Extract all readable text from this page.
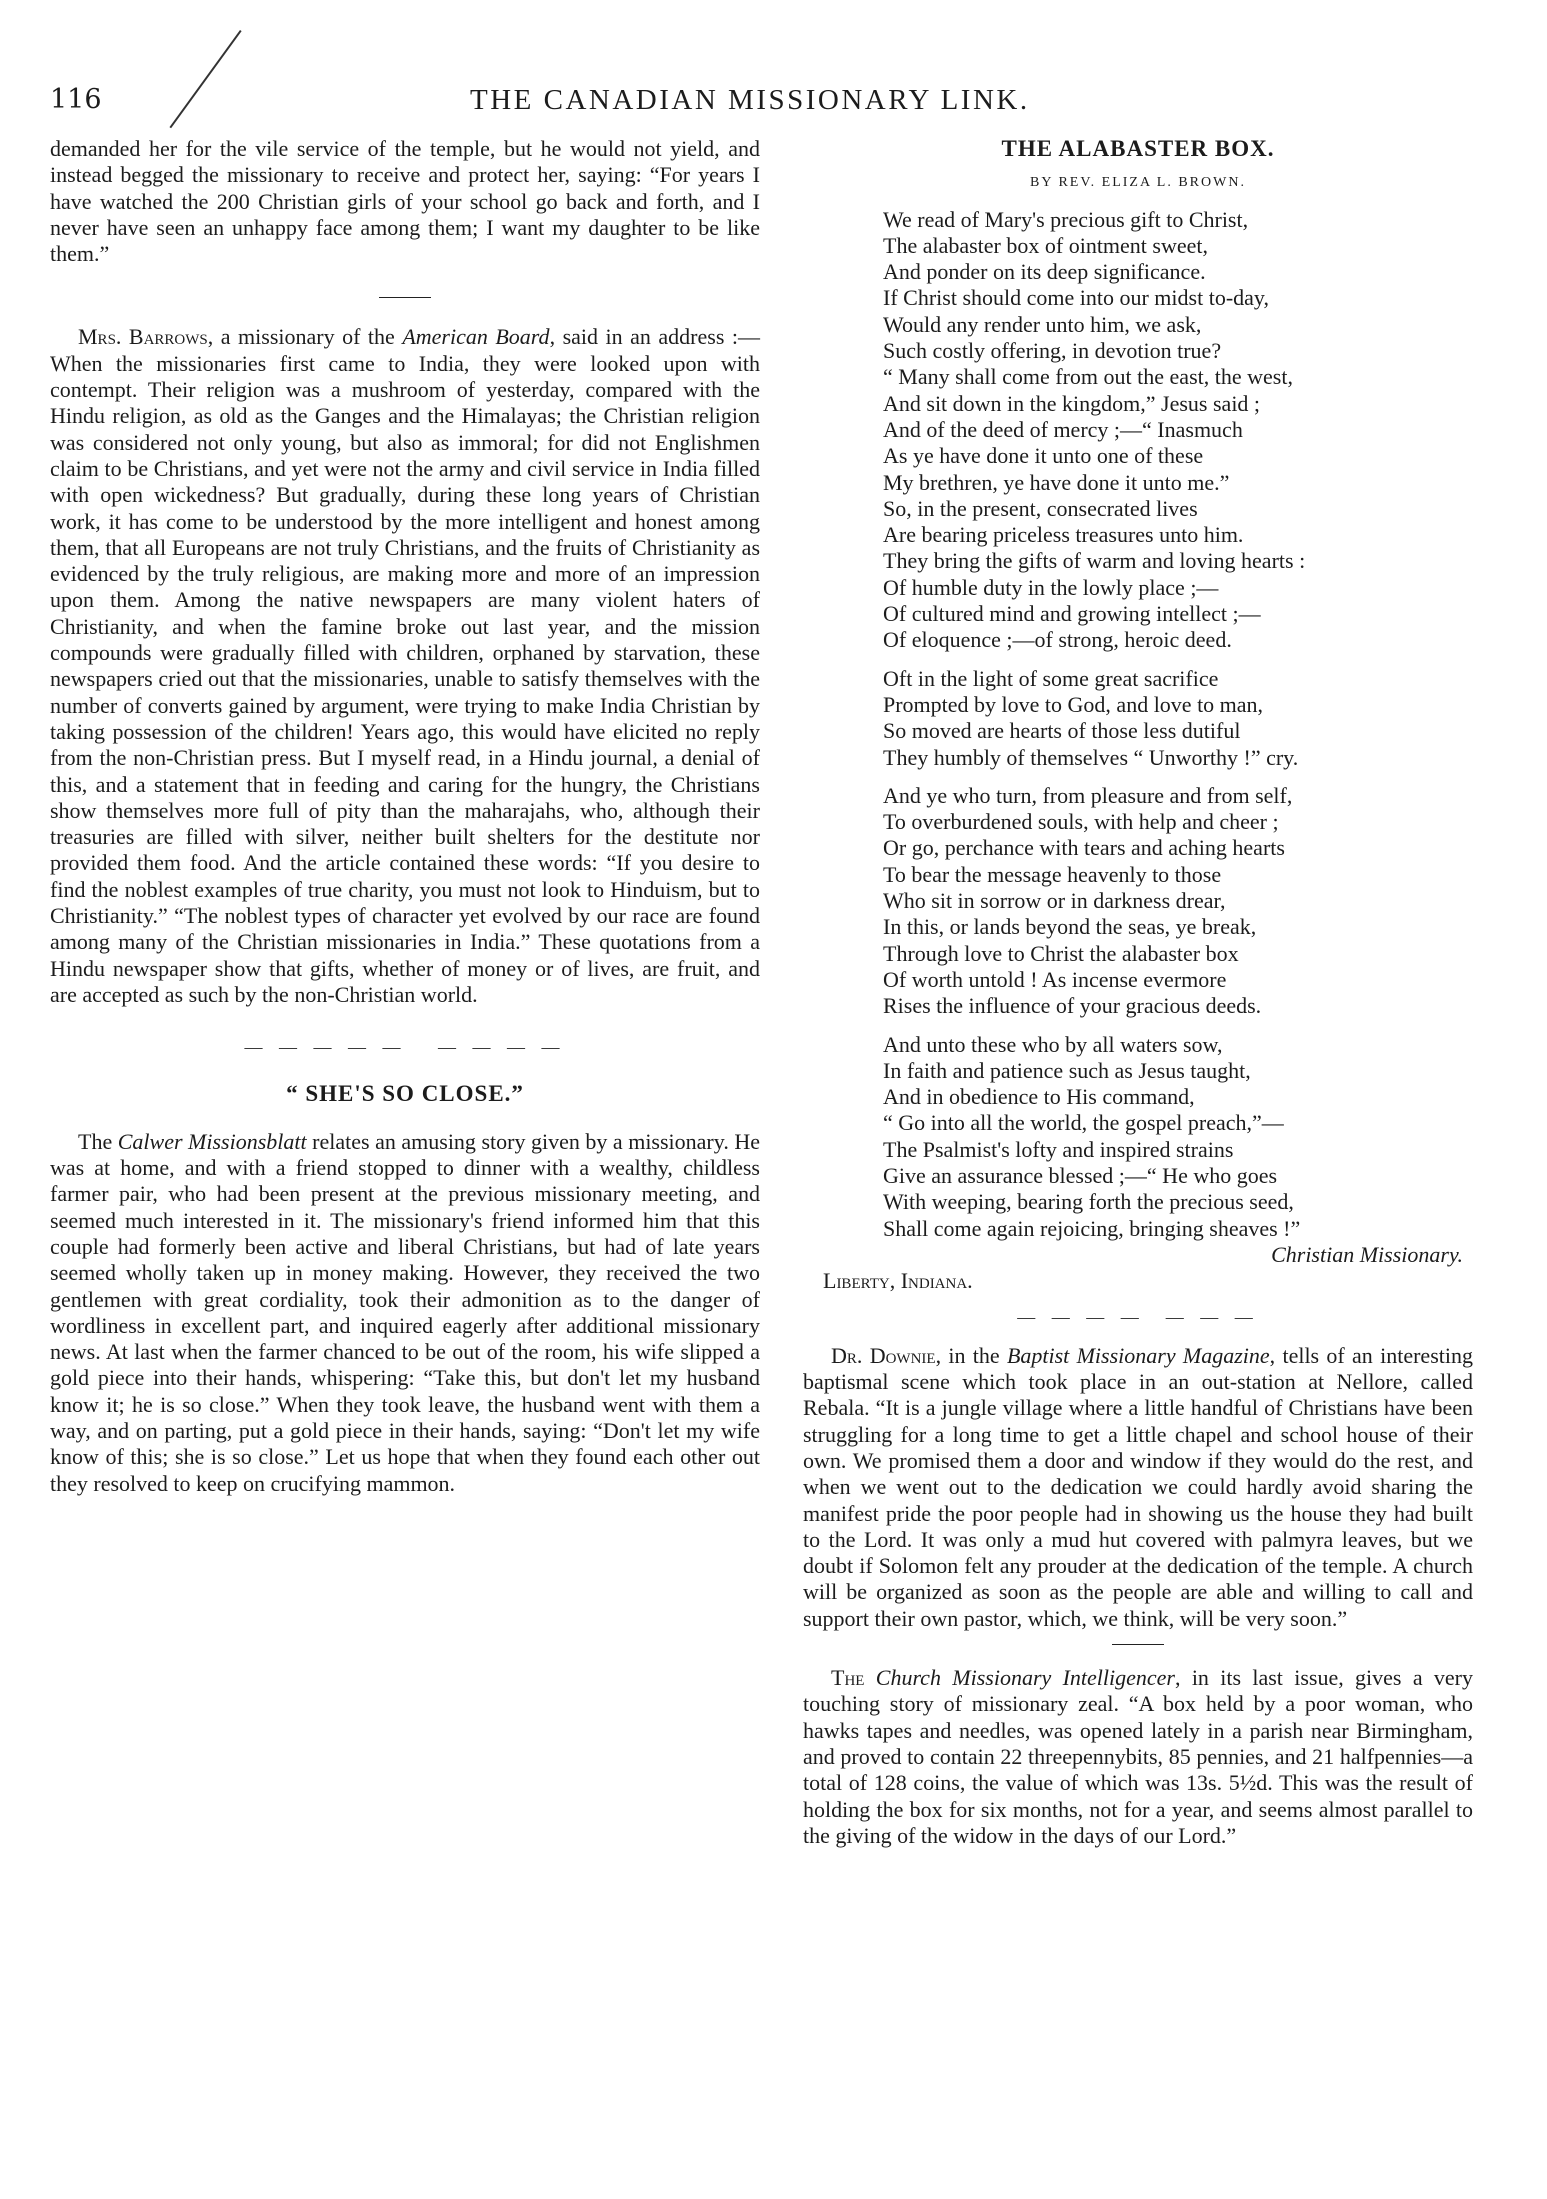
116	THE CANADIAN MISSIONARY LINK.

demanded her for the vile service of the temple, but he would not yield, and instead begged the missionary to receive and protect her, saying: “For years I have watched the 200 Christian girls of your school go back and forth, and I never have seen an unhappy face among them; I want my daughter to be like them.”

Mrs. Barrows, a missionary of the American Board, said in an address :—When the missionaries first came to India, they were looked upon with contempt. Their religion was a mushroom of yesterday, compared with the Hindu religion, as old as the Ganges and the Himalayas; the Christian religion was considered not only young, but also as immoral; for did not Englishmen claim to be Christians, and yet were not the army and civil service in India filled with open wickedness? But gradually, during these long years of Christian work, it has come to be understood by the more intelligent and honest among them, that all Europeans are not truly Christians, and the fruits of Christianity as evidenced by the truly religious, are making more and more of an impression upon them. Among the native newspapers are many violent haters of Christianity, and when the famine broke out last year, and the mission compounds were gradually filled with children, orphaned by starvation, these newspapers cried out that the missionaries, unable to satisfy themselves with the number of converts gained by argument, were trying to make India Christian by taking possession of the children! Years ago, this would have elicited no reply from the non-Christian press. But I myself read, in a Hindu journal, a denial of this, and a statement that in feeding and caring for the hungry, the Christians show themselves more full of pity than the maharajahs, who, although their treasuries are filled with silver, neither built shelters for the destitute nor provided them food. And the article contained these words: “If you desire to find the noblest examples of true charity, you must not look to Hinduism, but to Christianity.” “The noblest types of character yet evolved by our race are found among many of the Christian missionaries in India.” These quotations from a Hindu newspaper show that gifts, whether of money or of lives, are fruit, and are accepted as such by the non-Christian world.

— — — — —   — — — —
“ SHE'S SO CLOSE.”

The Calwer Missionsblatt relates an amusing story given by a missionary. He was at home, and with a friend stopped to dinner with a wealthy, childless farmer pair, who had been present at the previous missionary meeting, and seemed much interested in it. The missionary's friend informed him that this couple had formerly been active and liberal Christians, but had of late years seemed wholly taken up in money making. However, they received the two gentlemen with great cordiality, took their admonition as to the danger of wordliness in excellent part, and inquired eagerly after additional missionary news. At last when the farmer chanced to be out of the room, his wife slipped a gold piece into their hands, whispering: “Take this, but don't let my husband know it; he is so close.” When they took leave, the husband went with them a way, and on parting, put a gold piece in their hands, saying: “Don't let my wife know of this; she is so close.” Let us hope that when they found each other out they resolved to keep on crucifying mammon.

THE ALABASTER BOX.
BY REV. ELIZA L. BROWN.
We read of Mary's precious gift to Christ,
The alabaster box of ointment sweet,
And ponder on its deep significance.
If Christ should come into our midst to-day,
Would any render unto him, we ask,
Such costly offering, in devotion true?
“ Many shall come from out the east, the west,
And sit down in the kingdom,” Jesus said ;
And of the deed of mercy ;—“ Inasmuch
As ye have done it unto one of these
My brethren, ye have done it unto me.”
So, in the present, consecrated lives
Are bearing priceless treasures unto him.
They bring the gifts of warm and loving hearts :
Of humble duty in the lowly place ;—
Of cultured mind and growing intellect ;—
Of eloquence ;—of strong, heroic deed.
Oft in the light of some great sacrifice
Prompted by love to God, and love to man,
So moved are hearts of those less dutiful
They humbly of themselves “ Unworthy !” cry.
And ye who turn, from pleasure and from self,
To overburdened souls, with help and cheer ;
Or go, perchance with tears and aching hearts
To bear the message heavenly to those
Who sit in sorrow or in darkness drear,
In this, or lands beyond the seas, ye break,
Through love to Christ the alabaster box
Of worth untold ! As incense evermore
Rises the influence of your gracious deeds.
And unto these who by all waters sow,
In faith and patience such as Jesus taught,
And in obedience to His command,
“ Go into all the world, the gospel preach,”—
The Psalmist's lofty and inspired strains
Give an assurance blessed ;—“ He who goes
With weeping, bearing forth the precious seed,
Shall come again rejoicing, bringing sheaves !”
Christian Missionary.
Liberty, Indiana.
— — — —  — — —

Dr. Downie, in the Baptist Missionary Magazine, tells of an interesting baptismal scene which took place in an out-station at Nellore, called Rebala. “It is a jungle village where a little handful of Christians have been struggling for a long time to get a little chapel and school house of their own. We promised them a door and window if they would do the rest, and when we went out to the dedication we could hardly avoid sharing the manifest pride the poor people had in showing us the house they had built to the Lord. It was only a mud hut covered with palmyra leaves, but we doubt if Solomon felt any prouder at the dedication of the temple. A church will be organized as soon as the people are able and willing to call and support their own pastor, which, we think, will be very soon.”

The Church Missionary Intelligencer, in its last issue, gives a very touching story of missionary zeal. “A box held by a poor woman, who hawks tapes and needles, was opened lately in a parish near Birmingham, and proved to contain 22 threepennybits, 85 pennies, and 21 halfpennies—a total of 128 coins, the value of which was 13s. 5½d. This was the result of holding the box for six months, not for a year, and seems almost parallel to the giving of the widow in the days of our Lord.”
